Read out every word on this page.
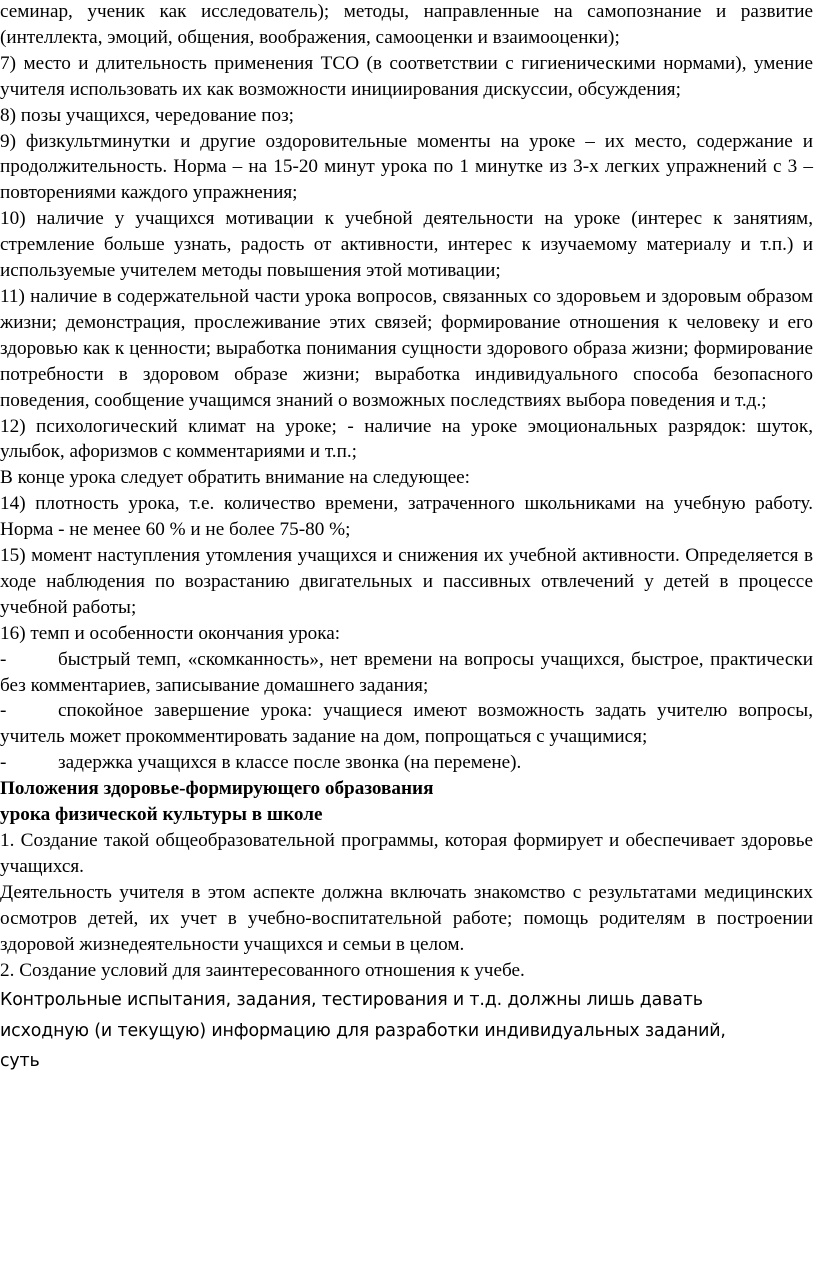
семинар, ученик как исследователь); методы, направленные на самопознание и развитие (интеллекта, эмоций, общения, воображения, самооценки и взаимооценки);

7) место и длительность применения ТСО (в соответствии с гигиеническими нормами), умение учителя использовать их как возможности инициирования дискуссии, обсуждения;

8) позы учащихся, чередование поз;

9) физкультминутки и другие оздоровительные моменты на уроке – их место, содержание и продолжительность. Норма – на 15-20 минут урока по 1 минутке из 3-х легких упражнений с 3 – повторениями каждого упражнения;

10) наличие у учащихся мотивации к учебной деятельности на уроке (интерес к занятиям, стремление больше узнать, радость от активности, интерес к изучаемому материалу и т.п.) и используемые учителем методы повышения этой мотивации;

11) наличие в содержательной части урока вопросов, связанных со здоровьем и здоровым образом жизни; демонстрация, прослеживание этих связей; формирование отношения к человеку и его здоровью как к ценности; выработка понимания сущности здорового образа жизни; формирование потребности в здоровом образе жизни; выработка индивидуального способа безопасного поведения, сообщение учащимся знаний о возможных последствиях выбора поведения и т.д.;

12) психологический климат на уроке; - наличие на уроке эмоциональных разрядок: шуток, улыбок, афоризмов с комментариями и т.п.;

В конце урока следует обратить внимание на следующее:

14) плотность урока, т.е. количество времени, затраченного школьниками на учебную работу. Норма - не менее 60 % и не более 75-80 %;

15) момент наступления утомления учащихся и снижения их учебной активности. Определяется в ходе наблюдения по возрастанию двигательных и пассивных отвлечений у детей в процессе учебной работы;

16) темп и особенности окончания урока:

-	быстрый темп, «скомканность», нет времени на вопросы учащихся, быстрое, практически без комментариев, записывание домашнего задания;

-	спокойное завершение урока: учащиеся имеют возможность задать учителю вопросы, учитель может прокомментировать задание на дом, попрощаться с учащимися;

-	задержка учащихся в классе после звонка (на перемене).

Положения здоровье-формирующего образования

урока физической культуры в школе

1. Создание такой общеобразовательной программы, которая формирует и обеспечивает здоровье учащихся.

Деятельность учителя в этом аспекте должна включать знакомство с результатами медицинских осмотров детей, их учет в учебно-воспитательной работе; помощь родителям в построении здоровой жизнедеятельности учащихся и семьи в целом.

2. Создание условий для заинтересованного отношения к учебе.

Контрольные испытания, задания, тестирования и т.д. должны лишь давать

исходную (и текущую) информацию для разработки индивидуальных заданий,

суть
